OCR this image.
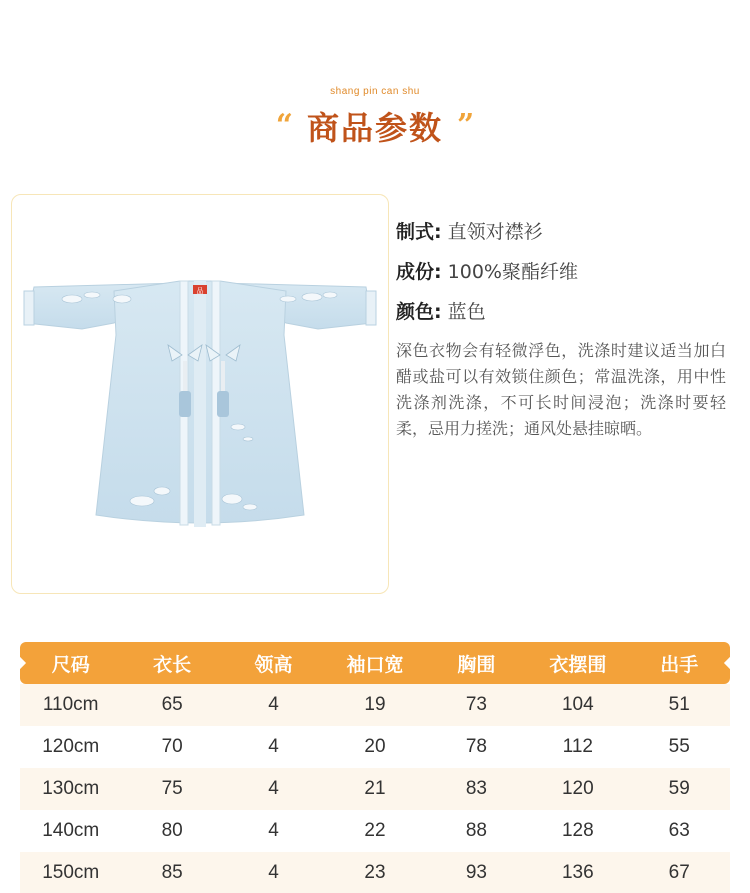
shang pin can shu
“ 商品参数 ”
品
制式: 直领对襟衫
成份: 100%聚酯纤维
颜色: 蓝色

深色衣物会有轻微浮色，洗涤时建议适当加白醋或盐可以有效锁住颜色；常温洗涤，用中性洗涤剂洗涤，不可长时间浸泡；洗涤时要轻柔，忌用力搓洗；通风处悬挂晾晒。

尺码	衣长	领高	袖口宽	胸围	衣摆围	出手
110cm	65	4	19	73	104	51
120cm	70	4	20	78	112	55
130cm	75	4	21	83	120	59
140cm	80	4	22	88	128	63
150cm	85	4	23	93	136	67
